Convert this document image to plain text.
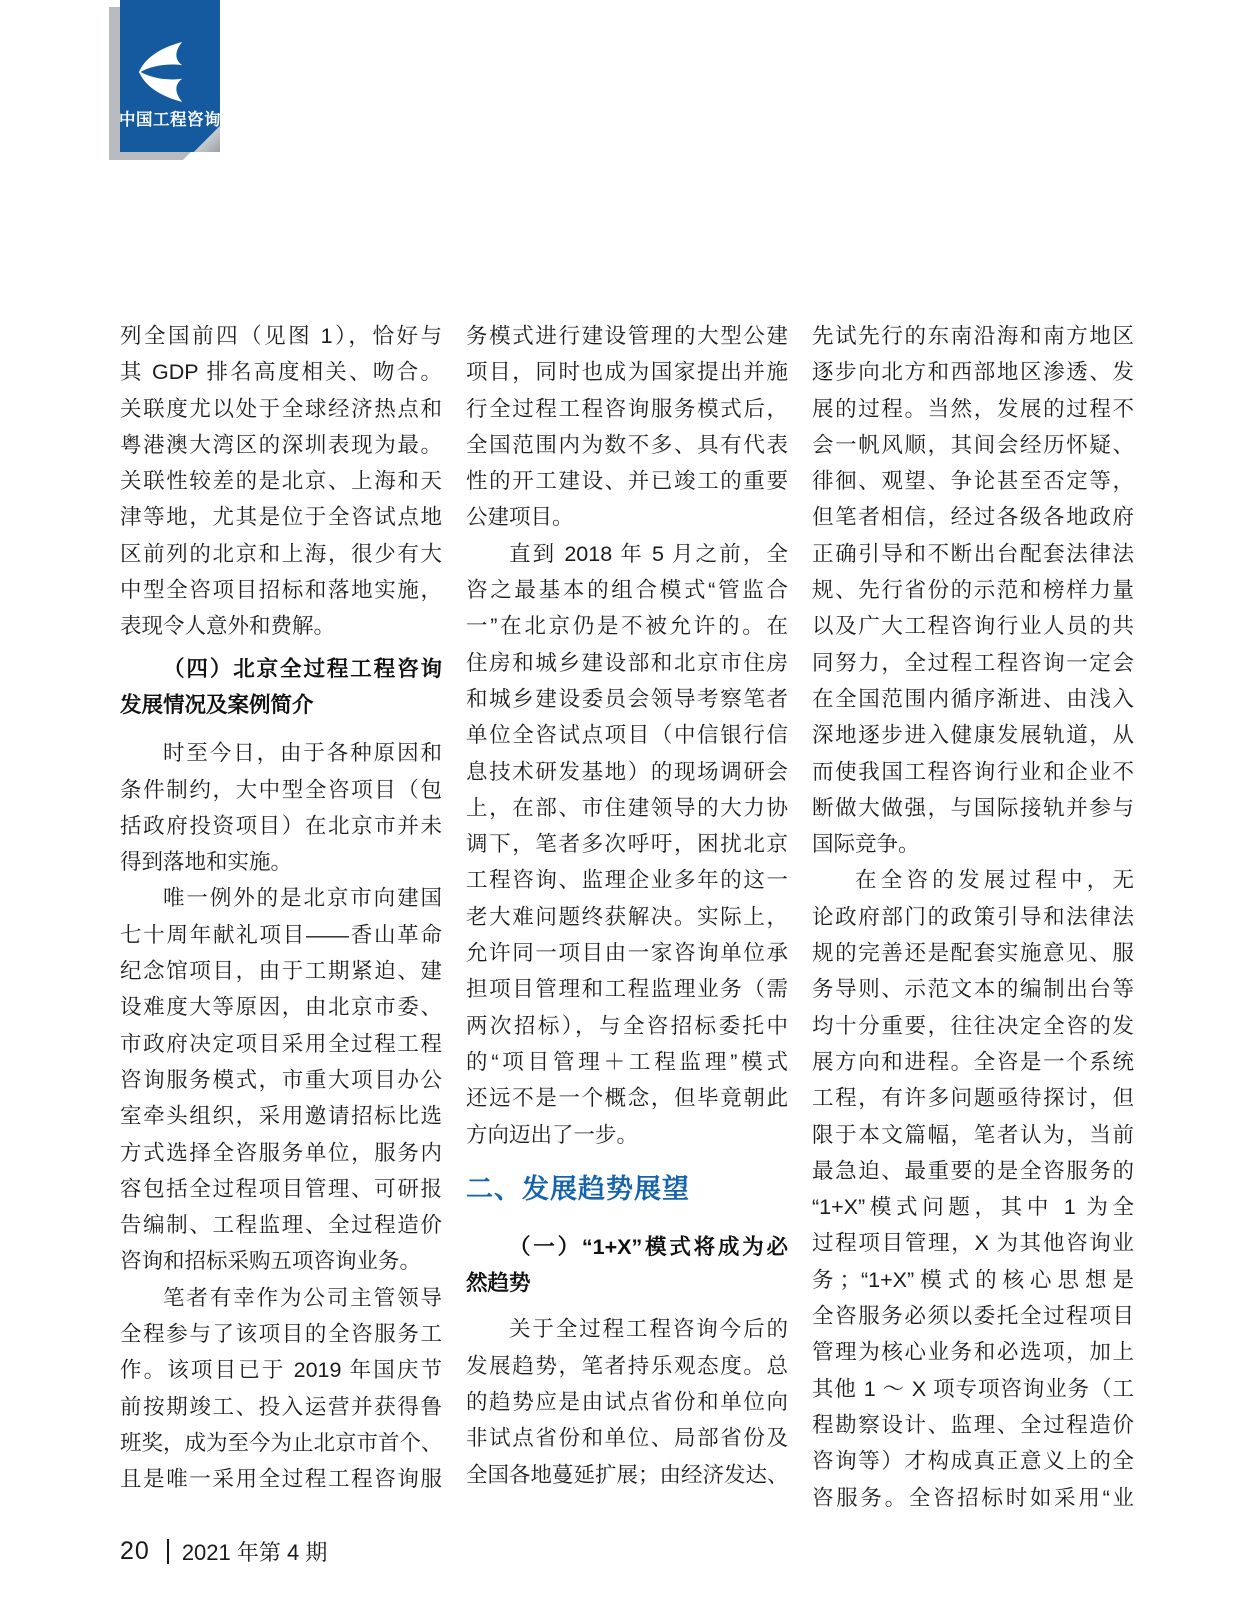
中国工程咨询
列全国前四（见图 1），恰好与
其 GDP 排名高度相关、吻合。
关联度尤以处于全球经济热点和
粤港澳大湾区的深圳表现为最。
关联性较差的是北京、上海和天
津等地，尤其是位于全咨试点地
区前列的北京和上海，很少有大
中型全咨项目招标和落地实施，
表现令人意外和费解。
（四）北京全过程工程咨询
发展情况及案例简介
时至今日，由于各种原因和
条件制约，大中型全咨项目（包
括政府投资项目）在北京市并未
得到落地和实施。
唯一例外的是北京市向建国
七十周年献礼项目——香山革命
纪念馆项目，由于工期紧迫、建
设难度大等原因，由北京市委、
市政府决定项目采用全过程工程
咨询服务模式，市重大项目办公
室牵头组织，采用邀请招标比选
方式选择全咨服务单位，服务内
容包括全过程项目管理、可研报
告编制、工程监理、全过程造价
咨询和招标采购五项咨询业务。
笔者有幸作为公司主管领导
全程参与了该项目的全咨服务工
作。该项目已于 2019 年国庆节
前按期竣工、投入运营并获得鲁
班奖，成为至今为止北京市首个、
且是唯一采用全过程工程咨询服
务模式进行建设管理的大型公建
项目，同时也成为国家提出并施
行全过程工程咨询服务模式后，
全国范围内为数不多、具有代表
性的开工建设、并已竣工的重要
公建项目。
直到 2018 年 5 月之前，全
咨之最基本的组合模式“管监合
一”在北京仍是不被允许的。在
住房和城乡建设部和北京市住房
和城乡建设委员会领导考察笔者
单位全咨试点项目（中信银行信
息技术研发基地）的现场调研会
上，在部、市住建领导的大力协
调下，笔者多次呼吁，困扰北京
工程咨询、监理企业多年的这一
老大难问题终获解决。实际上，
允许同一项目由一家咨询单位承
担项目管理和工程监理业务（需
两次招标），与全咨招标委托中
的“项目管理＋工程监理”模式
还远不是一个概念，但毕竟朝此
方向迈出了一步。
二、发展趋势展望
（一）“1+X”模式将成为必
然趋势
关于全过程工程咨询今后的
发展趋势，笔者持乐观态度。总
的趋势应是由试点省份和单位向
非试点省份和单位、局部省份及
全国各地蔓延扩展；由经济发达、
先试先行的东南沿海和南方地区
逐步向北方和西部地区渗透、发
展的过程。当然，发展的过程不
会一帆风顺，其间会经历怀疑、
徘徊、观望、争论甚至否定等，
但笔者相信，经过各级各地政府
正确引导和不断出台配套法律法
规、先行省份的示范和榜样力量
以及广大工程咨询行业人员的共
同努力，全过程工程咨询一定会
在全国范围内循序渐进、由浅入
深地逐步进入健康发展轨道，从
而使我国工程咨询行业和企业不
断做大做强，与国际接轨并参与
国际竞争。
在全咨的发展过程中，无
论政府部门的政策引导和法律法
规的完善还是配套实施意见、服
务导则、示范文本的编制出台等
均十分重要，往往决定全咨的发
展方向和进程。全咨是一个系统
工程，有许多问题亟待探讨，但
限于本文篇幅，笔者认为，当前
最急迫、最重要的是全咨服务的
“1+X”模式问题，其中 1 为全
过程项目管理，X 为其他咨询业
务；“1+X”模式的核心思想是
全咨服务必须以委托全过程项目
管理为核心业务和必选项，加上
其他 1 ～ X 项专项咨询业务（工
程勘察设计、监理、全过程造价
咨询等）才构成真正意义上的全
咨服务。全咨招标时如采用“业
20 2021 年第 4 期
